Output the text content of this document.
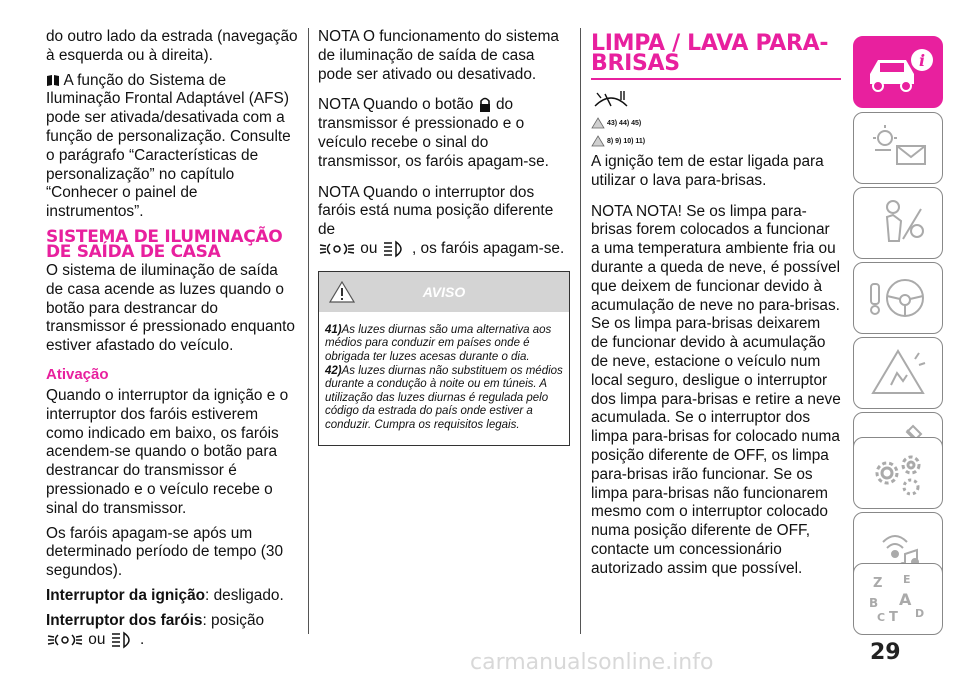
do outro lado da estrada (navegação à esquerda ou à direita).

A função do Sistema de Iluminação Frontal Adaptável (AFS) pode ser ativada/desativada com a função de personalização. Consulte o parágrafo “Características de personalização” no capítulo “Conhecer o painel de instrumentos”.

SISTEMA DE ILUMINAÇÃO DE SAÍDA DE CASA

O sistema de iluminação de saída de casa acende as luzes quando o botão para destrancar do transmissor é pressionado enquanto estiver afastado do veículo.

Ativação

Quando o interruptor da ignição e o interruptor dos faróis estiverem como indicado em baixo, os faróis acendem-se quando o botão para destrancar do transmissor é pressionado e o veículo recebe o sinal do transmissor.

Os faróis apagam-se após um determinado período de tempo (30 segundos).

Interruptor da ignição: desligado.

Interruptor dos faróis: posição

ou .

NOTA O funcionamento do sistema de iluminação de saída de casa pode ser ativado ou desativado.

NOTA Quando o botão do transmissor é pressionado e o veículo recebe o sinal do transmissor, os faróis apagam-se.

NOTA Quando o interruptor dos faróis está numa posição diferente de
ou , os faróis apagam-se.

AVISO
41)As luzes diurnas são uma alternativa aos médios para conduzir em países onde é obrigada ter luzes acesas durante o dia.
42)As luzes diurnas não substituem os médios durante a condução à noite ou em túneis. A utilização das luzes diurnas é regulada pelo código da estrada do país onde estiver a conduzir. Cumpra os requisitos legais.
LIMPA / LAVA PARA-BRISAS
43) 44) 45)
8) 9) 10) 11)

A ignição tem de estar ligada para utilizar o lava para-brisas.

NOTA NOTA! Se os limpa para-brisas forem colocados a funcionar a uma temperatura ambiente fria ou durante a queda de neve, é possível que deixem de funcionar devido à acumulação de neve no para-brisas. Se os limpa para-brisas deixarem de funcionar devido à acumulação de neve, estacione o veículo num local seguro, desligue o interruptor dos limpa para-brisas e retire a neve acumulada. Se o interruptor dos limpa para-brisas for colocado numa posição diferente de OFF, os limpa para-brisas irão funcionar. Se os limpa para-brisas não funcionarem mesmo com o interruptor colocado numa posição diferente de OFF, contacte um concessionário autorizado assim que possível.

i
Z E
B A
C T D
29
carmanualsonline.info
